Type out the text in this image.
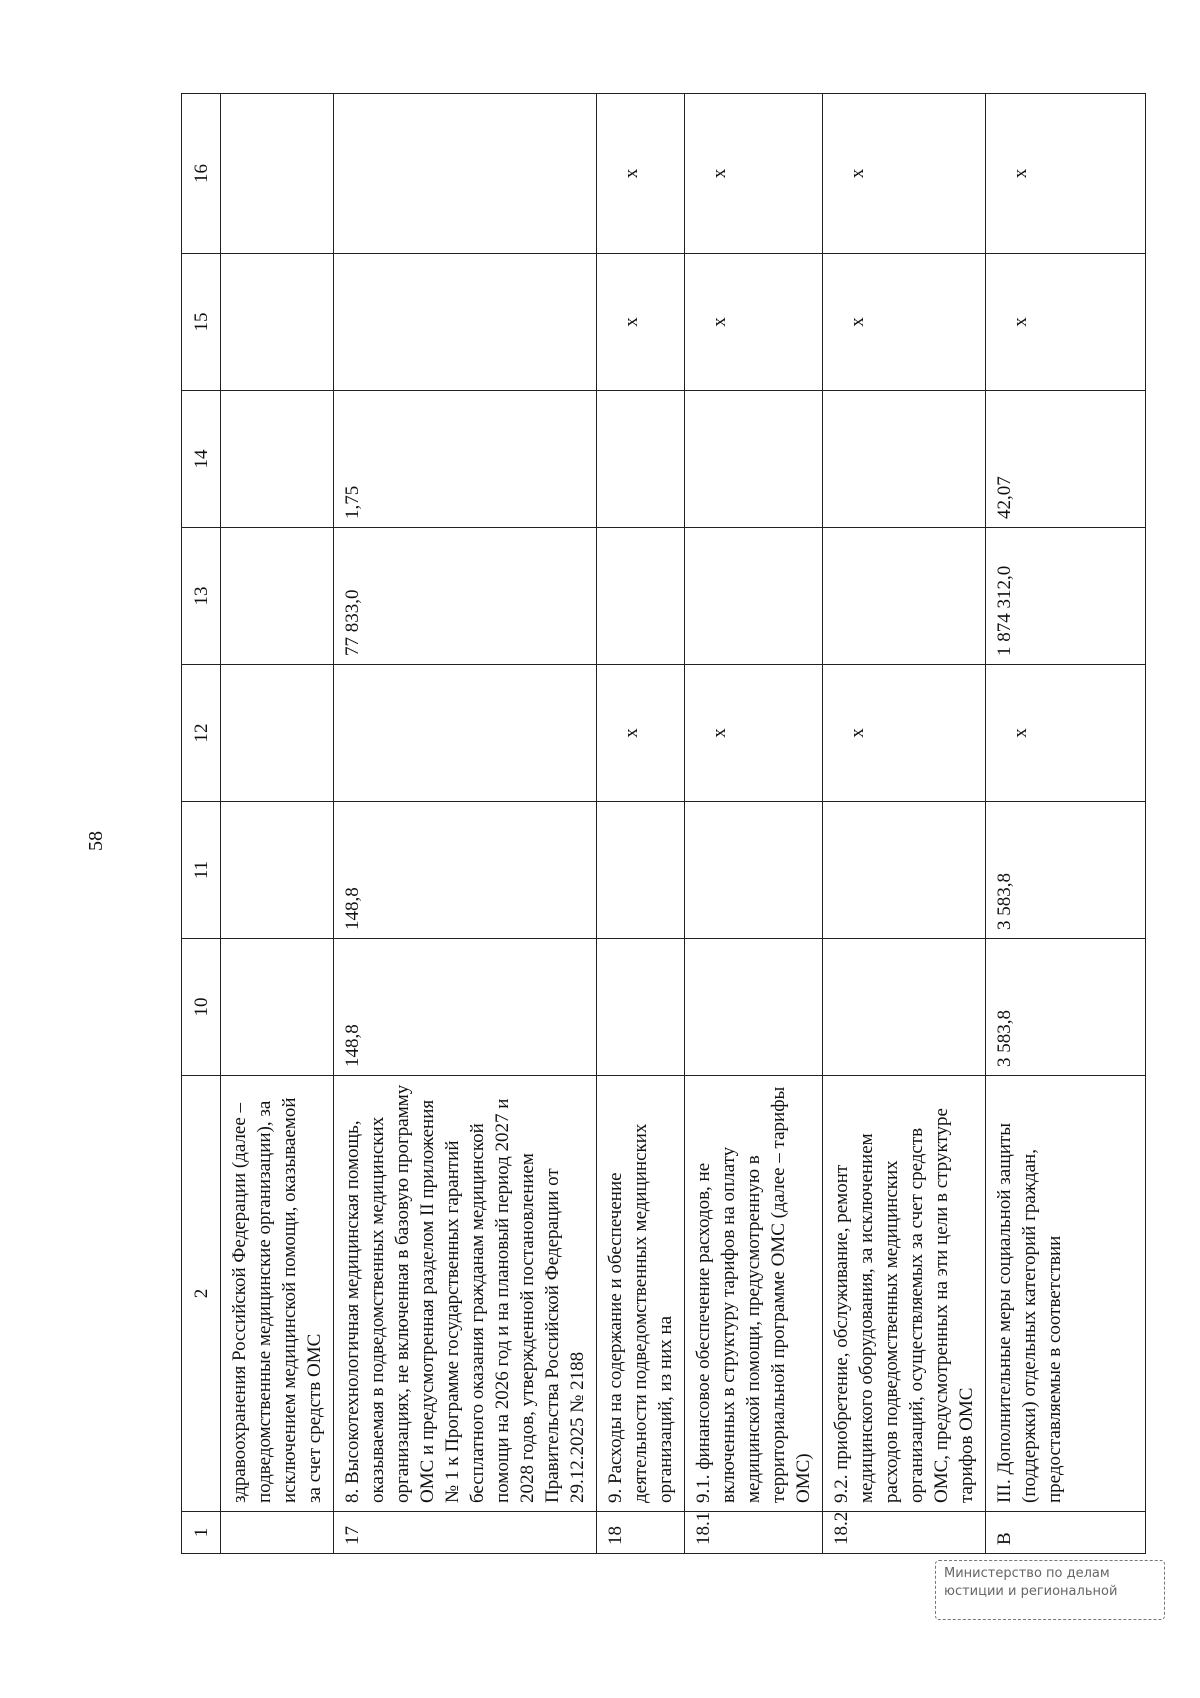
58
1	2	10	11	12	13	14	15	16
	здравоохранения Российской Федерации (далее – подведомственные медицинские организации), за исключением медицинской помощи, оказываемой за счет средств ОМС							
17	8. Высокотехнологичная медицинская помощь, оказываемая в подведомственных медицинских организациях, не включенная в базовую программу ОМС и предусмотренная разделом II приложения № 1 к Программе государственных гарантий бесплатного оказания гражданам медицинской помощи на 2026 год и на плановый период 2027 и 2028 годов, утвержденной постановлением Правительства Российской Федерации от 29.12.2025 № 2188	148,8	148,8		77 833,0	1,75		
18	9. Расходы на содержание и обеспечение деятельности подведомственных медицинских организаций, из них на			x			x	x
18.1	9.1. финансовое обеспечение расходов, не включенных в структуру тарифов на оплату медицинской помощи, предусмотренную в территориальной программе ОМС (далее – тарифы ОМС)			x			x	x
18.2	9.2. приобретение, обслуживание, ремонт медицинского оборудования, за исключением расходов подведомственных медицинских организаций, осуществляемых за счет средств ОМС, предусмотренных на эти цели в структуре тарифов ОМС			x			x	x
В	III. Дополнительные меры социальной защиты (поддержки) отдельных категорий граждан, предоставляемые в соответствии	3 583,8	3 583,8	x	1 874 312,0	42,07	x	x
Министерство по делам
юстиции и региональной
